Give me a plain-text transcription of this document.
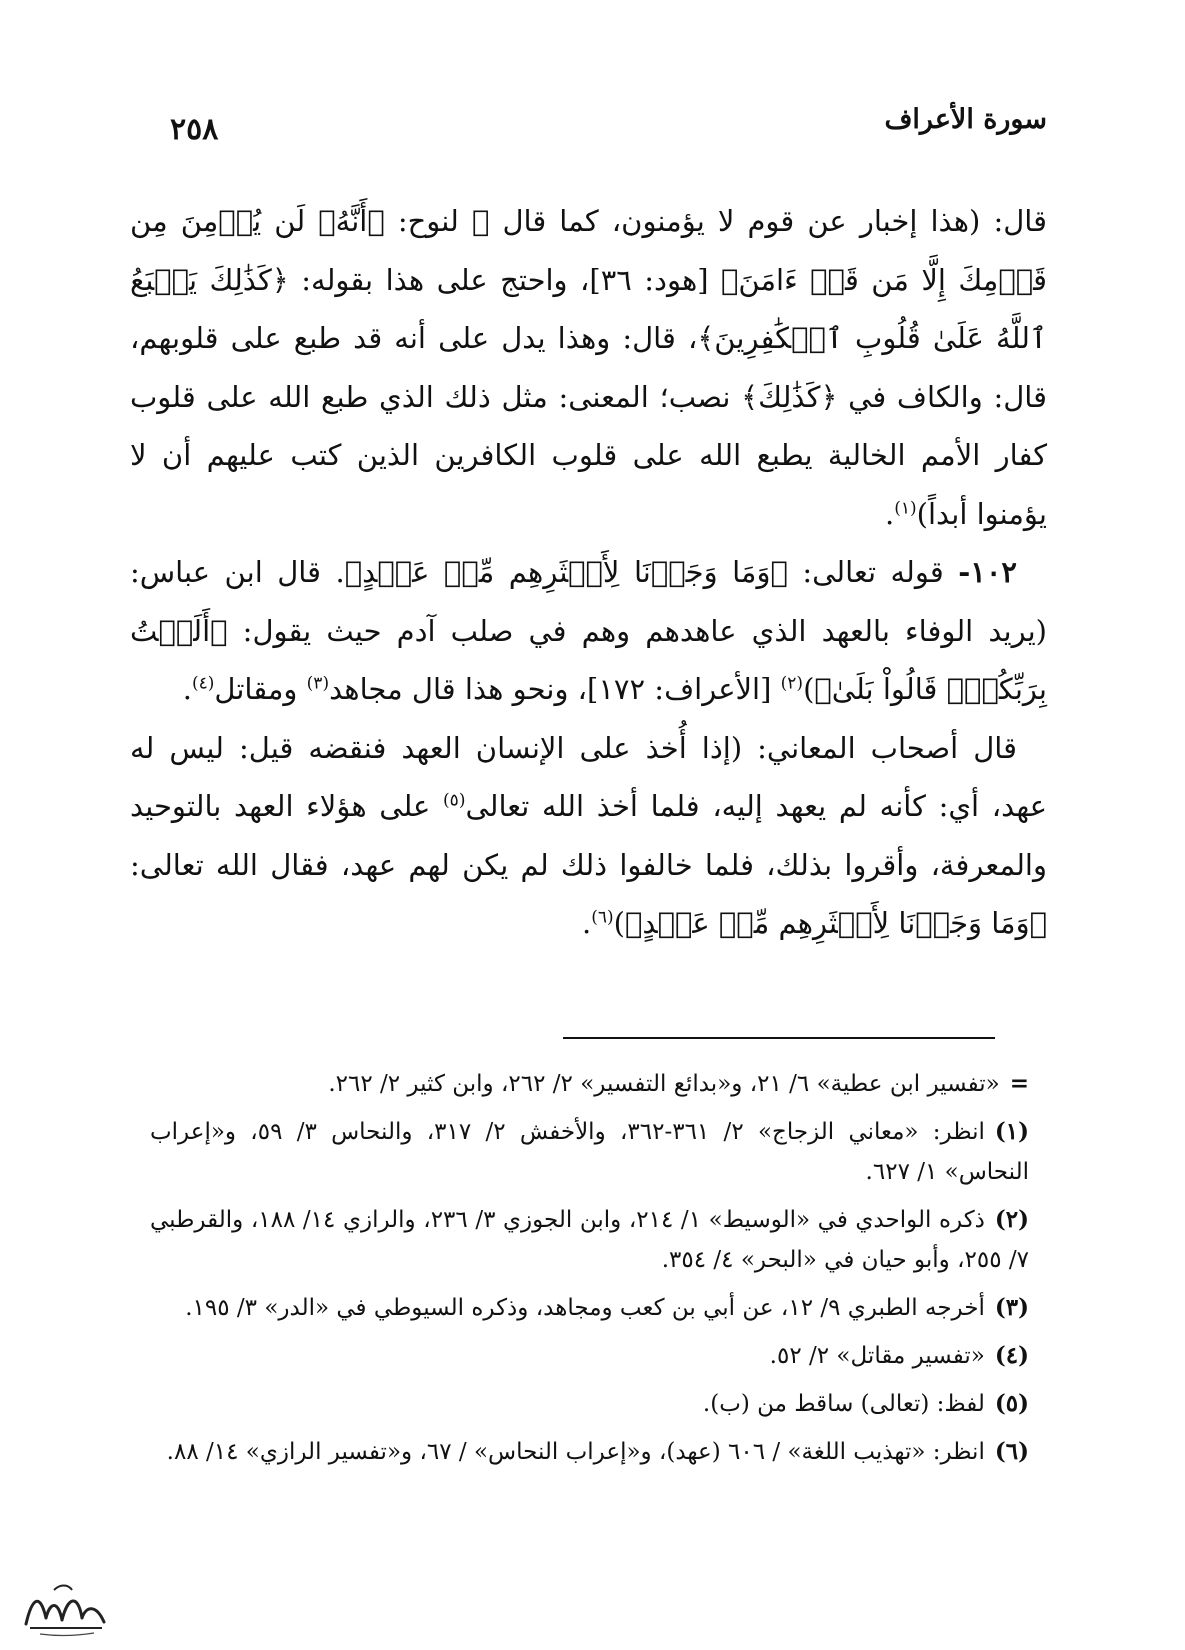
سورة الأعراف
٢٥٨

قال: (هذا إخبار عن قوم لا يؤمنون، كما قال ﷻ لنوح: ﴿أَنَّهُۥ لَن يُؤۡمِنَ مِن قَوۡمِكَ إِلَّا مَن قَدۡ ءَامَنَ﴾ [هود: ٣٦]، واحتج على هذا بقوله: ﴿كَذَٰلِكَ يَطۡبَعُ ٱللَّهُ عَلَىٰ قُلُوبِ ٱلۡكَٰفِرِينَ﴾، قال: وهذا يدل على أنه قد طبع على قلوبهم، قال: والكاف في ﴿كَذَٰلِكَ﴾ نصب؛ المعنى: مثل ذلك الذي طبع الله على قلوب كفار الأمم الخالية يطبع الله على قلوب الكافرين الذين كتب عليهم أن لا يؤمنوا أبداً)$^{(١)}$.

١٠٢- قوله تعالى: ﴿وَمَا وَجَدۡنَا لِأَكۡثَرِهِم مِّنۡ عَهۡدٍ﴾. قال ابن عباس: (يريد الوفاء بالعهد الذي عاهدهم وهم في صلب آدم حيث يقول: ﴿أَلَسۡتُ بِرَبِّكُمۡۖ قَالُواْ بَلَىٰ﴾)$^{(٢)}$ [الأعراف: ١٧٢]، ونحو هذا قال مجاهد$^{(٣)}$ ومقاتل$^{(٤)}$.

قال أصحاب المعاني: (إذا أُخذ على الإنسان العهد فنقضه قيل: ليس له عهد، أي: كأنه لم يعهد إليه، فلما أخذ الله تعالى$^{(٥)}$ على هؤلاء العهد بالتوحيد والمعرفة، وأقروا بذلك، فلما خالفوا ذلك لم يكن لهم عهد، فقال الله تعالى: ﴿وَمَا وَجَدۡنَا لِأَكۡثَرِهِم مِّنۡ عَهۡدٍ﴾)$^{(٦)}$.

=«تفسير ابن عطية» ٦/ ٢١، و«بدائع التفسير» ٢/ ٢٦٢، وابن كثير ٢/ ٢٦٢.

(١)انظر: «معاني الزجاج» ٢/ ٣٦١-٣٦٢، والأخفش ٢/ ٣١٧، والنحاس ٣/ ٥٩، و«إعراب النحاس» ١/ ٦٢٧.

(٢)ذكره الواحدي في «الوسيط» ١/ ٢١٤، وابن الجوزي ٣/ ٢٣٦، والرازي ١٤/ ١٨٨، والقرطبي ٧/ ٢٥٥، وأبو حيان في «البحر» ٤/ ٣٥٤.

(٣)أخرجه الطبري ٩/ ١٢، عن أبي بن كعب ومجاهد، وذكره السيوطي في «الدر» ٣/ ١٩٥.

(٤)«تفسير مقاتل» ٢/ ٥٢.

(٥)لفظ: (تعالى) ساقط من (ب).

(٦)انظر: «تهذيب اللغة» / ٦٠٦ (عهد)، و«إعراب النحاس» / ٦٧، و«تفسير الرازي» ١٤/ ٨٨.
